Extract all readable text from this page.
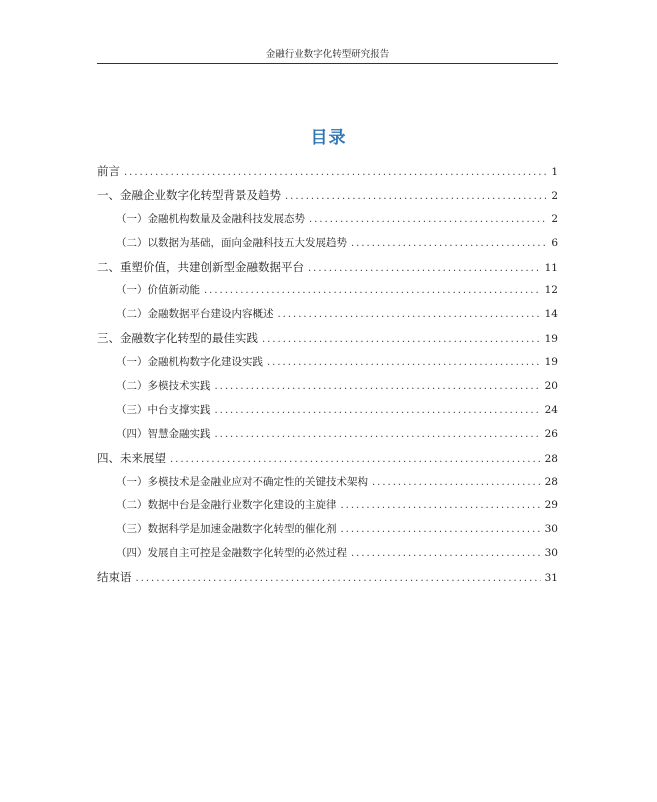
金融行业数字化转型研究报告
目录
前言 .....	1
一、金融企业数字化转型背景及趋势 .....	2
（一）金融机构数量及金融科技发展态势 .....	2
（二）以数据为基础，面向金融科技五大发展趋势 .....	6
二、重塑价值，共建创新型金融数据平台 .....	11
（一）价值新动能 .....	12
（二）金融数据平台建设内容概述 .....	14
三、金融数字化转型的最佳实践 .....	19
（一）金融机构数字化建设实践 .....	19
（二）多模技术实践 .....	20
（三）中台支撑实践 .....	24
（四）智慧金融实践 .....	26
四、未来展望 .....	28
（一）多模技术是金融业应对不确定性的关键技术架构 .....	28
（二）数据中台是金融行业数字化建设的主旋律 .....	29
（三）数据科学是加速金融数字化转型的催化剂 .....	30
（四）发展自主可控是金融数字化转型的必然过程 .....	30
结束语 .....	31
